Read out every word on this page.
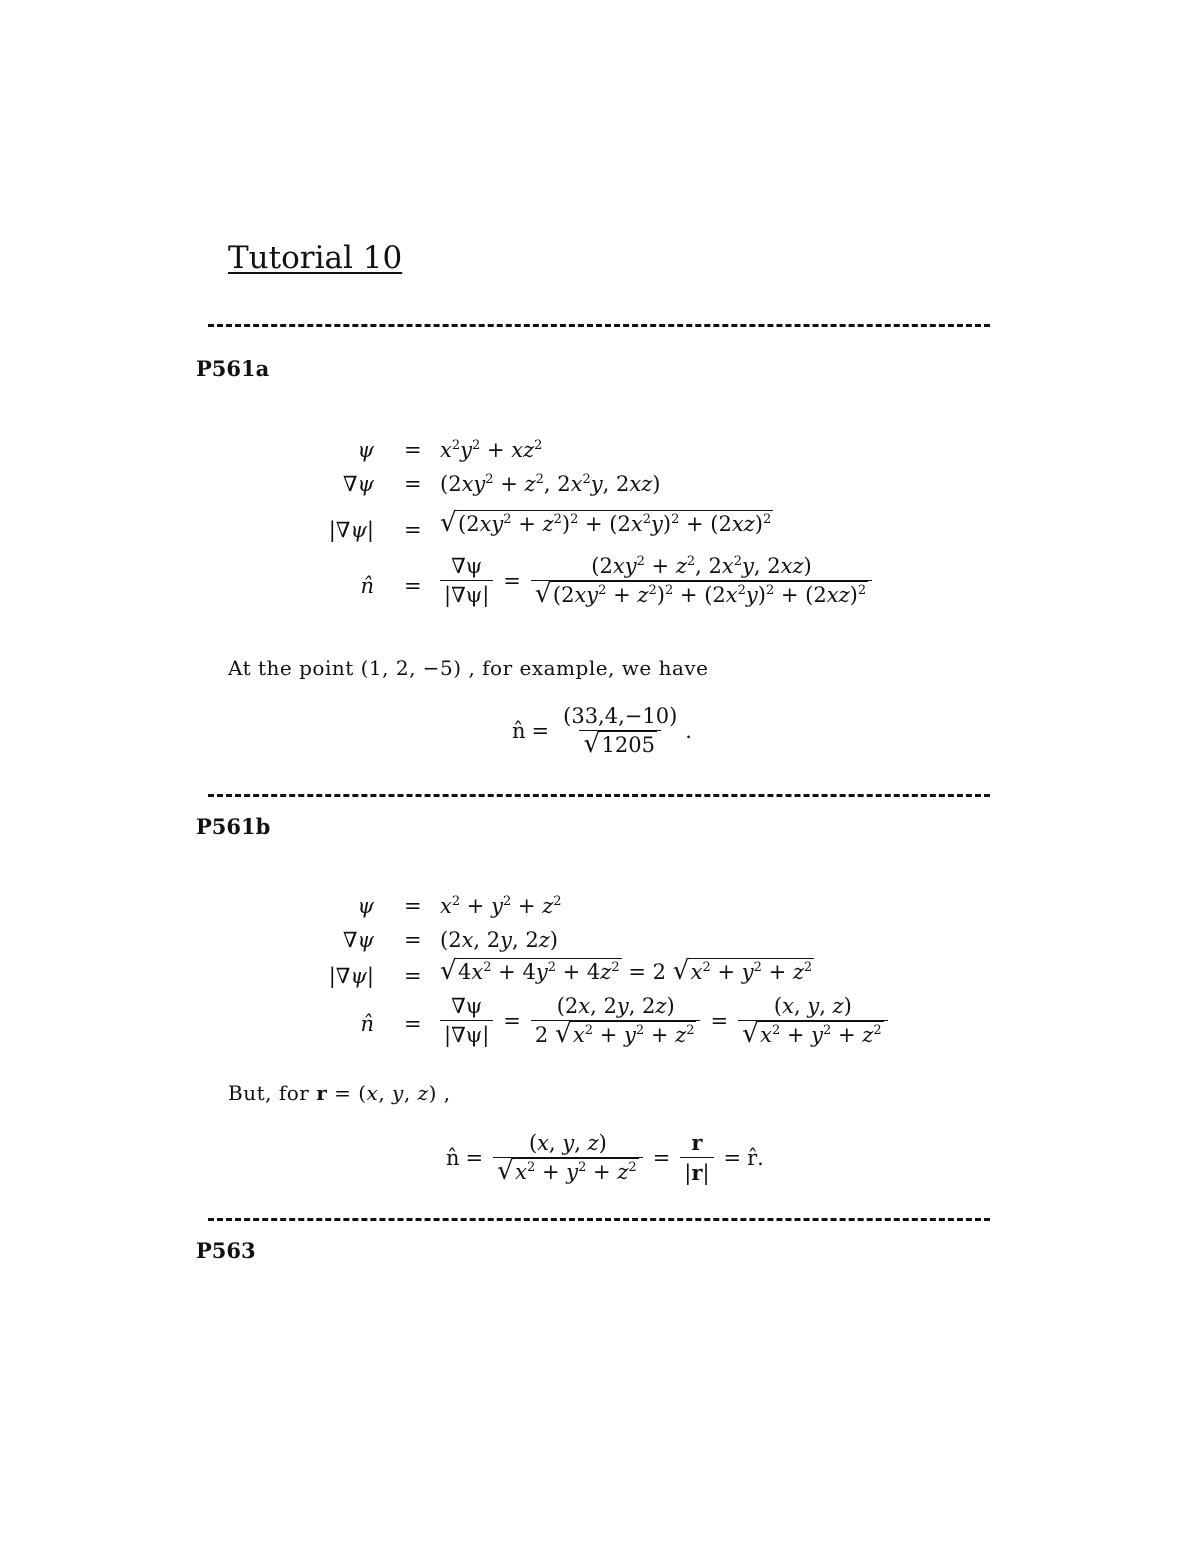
Tutorial 10
P561a
$\psi = x^2y^2 + xz^2$
$\nabla\psi = (2xy^2 + z^2$, $2x^2y$, 2xz)
|∇ψ| = √ $(2xy^2 + z^2)^2 + (2x^2y)^2 + (2xz)^2$
n̂ = $\frac{\nabla\psi}{|\nabla\psi|} = \frac{(2xy^2 + z^2, 2x^2y, 2xz)}{√ (2xy^2 + z^2)^2 + (2x^2y)^2 + (2xz)^2}$
At the point (1, 2, −5) , for example, we have
n̂ = $\frac{(33,4,-10)}{√ 1205}$ .
P561b
$\psi = x^2 + y^2 + z^2$
∇ψ = (2x, 2y, 2z)
|∇ψ| = √ $4x^2 + 4y^2 + 4z^2 = 2$ √ $x^2 + y^2 + z^2$
n̂ = $\frac{\nabla\psi}{|\nabla\psi|} = \frac{(2x, 2y, 2z)}{2 √ x^2 + y^2 + z^2} = \frac{(x, y, z)}{√ x^2 + y^2 + z^2}$
But, for r = (x, y, z) ,
n̂ = $\frac{(x, y, z)}{√ x^2 + y^2 + z^2} = \frac{r}{|r|}$ = r̂.
P563
